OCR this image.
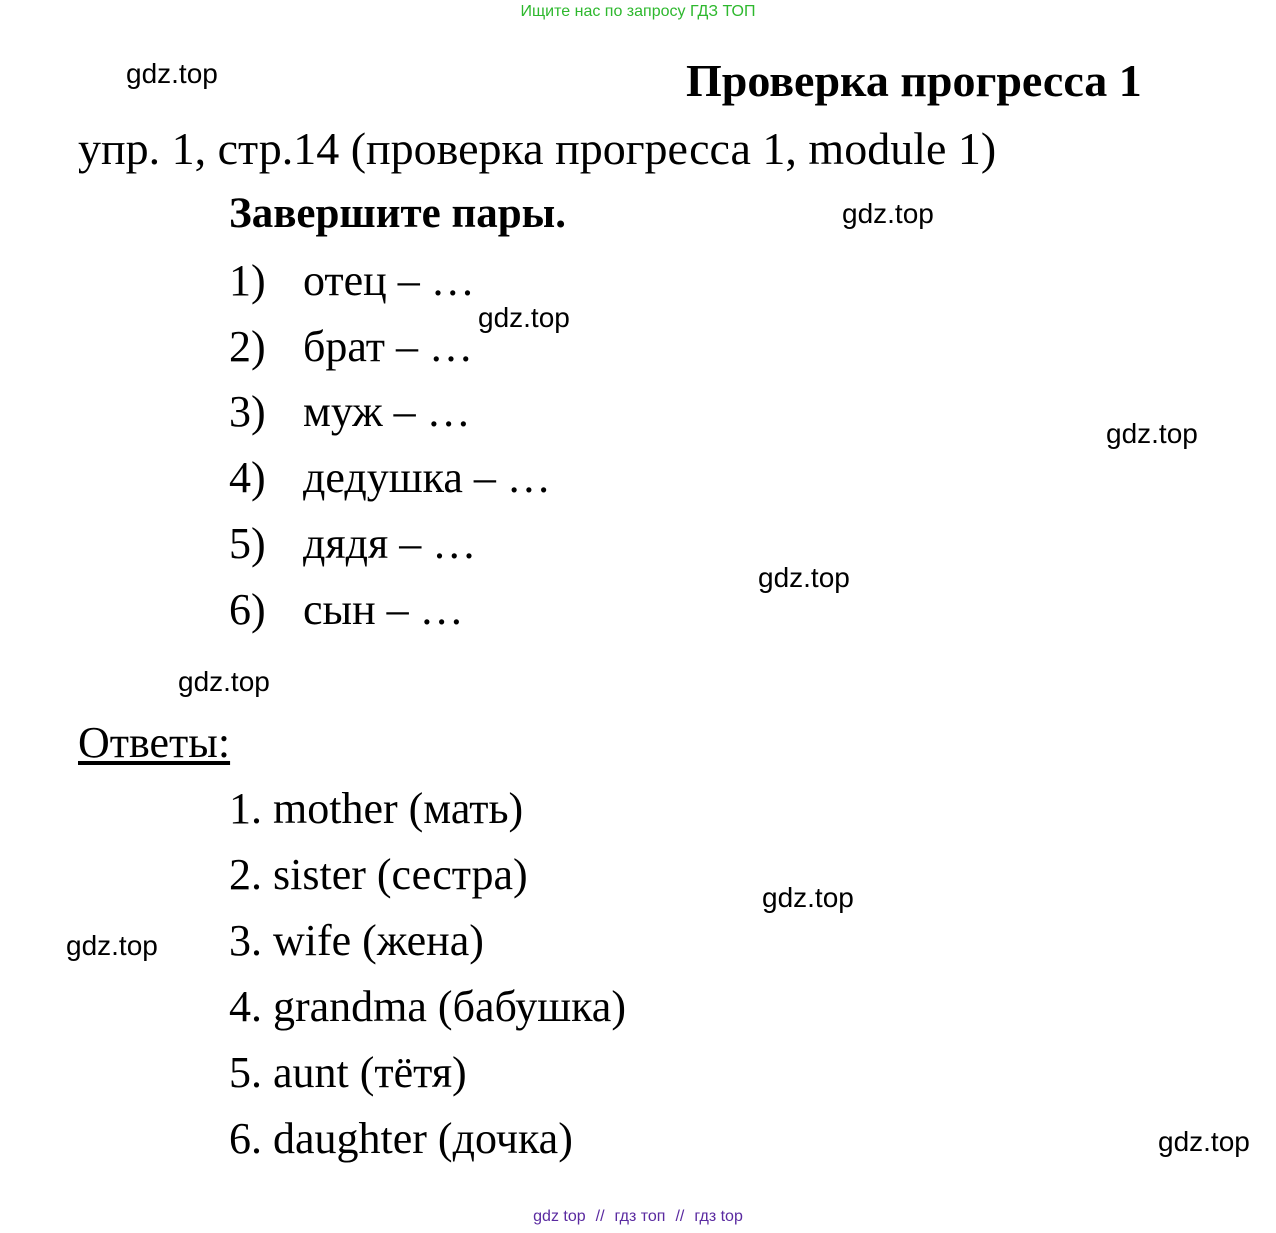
Ищите нас по запросу ГДЗ ТОП
gdz.top
gdz.top
gdz.top
gdz.top
gdz.top
gdz.top
gdz.top
gdz.top
gdz.top
Проверка прогресса 1
упр. 1, стр.14 (проверка прогресса 1, module 1)
Завершите пары.
1) отец – …
2) брат – …
3) муж – …
4) дедушка – …
5) дядя – …
6) сын – …
Ответы:
1. mother (мать)
2. sister (сестра)
3. wife (жена)
4. grandma (бабушка)
5. aunt (тётя)
6. daughter (дочка)
gdz top // гдз топ // гдз top
